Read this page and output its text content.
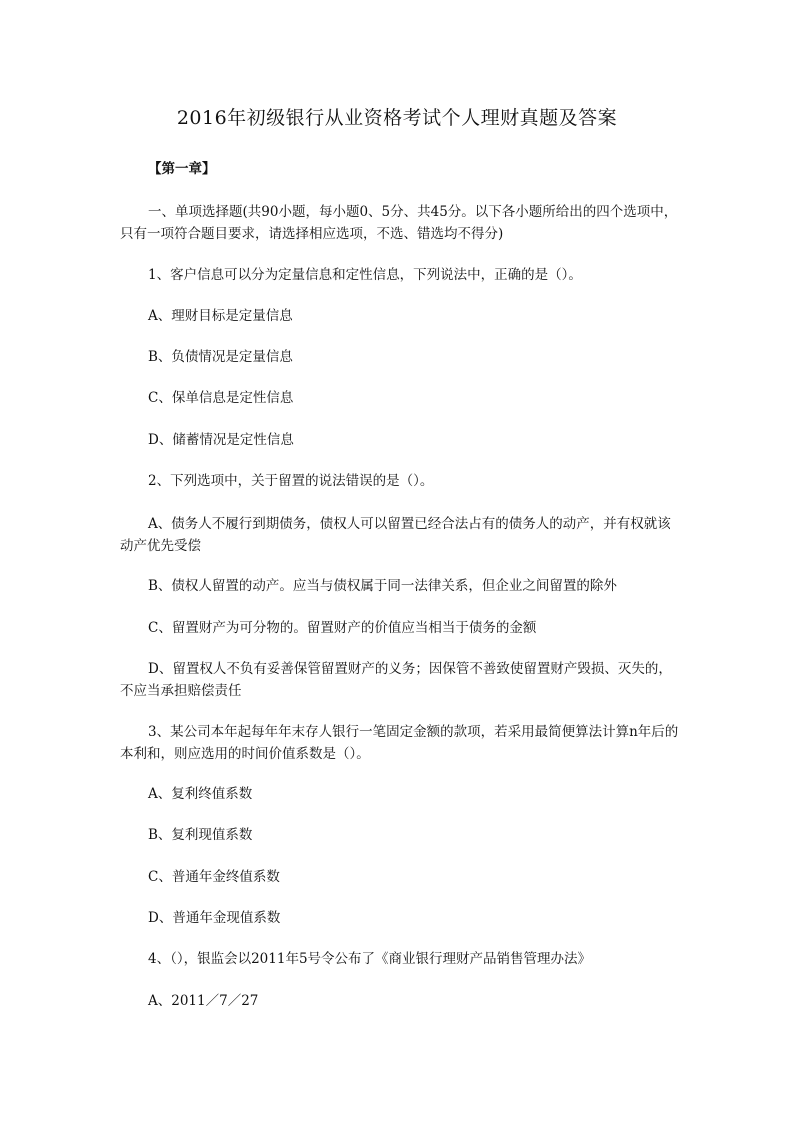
2016年初级银行从业资格考试个人理财真题及答案
【第一章】
一、单项选择题(共90小题，每小题0、5分、共45分。以下各小题所给出的四个选项中，只有一项符合题目要求，请选择相应选项，不选、错选均不得分)
1、客户信息可以分为定量信息和定性信息，下列说法中，正确的是（）。
A、理财目标是定量信息
B、负债情况是定量信息
C、保单信息是定性信息
D、储蓄情况是定性信息
2、下列选项中，关于留置的说法错误的是（）。
A、债务人不履行到期债务，债权人可以留置已经合法占有的债务人的动产，并有权就该动产优先受偿
B、债权人留置的动产。应当与债权属于同一法律关系，但企业之间留置的除外
C、留置财产为可分物的。留置财产的价值应当相当于债务的金额
D、留置权人不负有妥善保管留置财产的义务；因保管不善致使留置财产毁损、灭失的，不应当承担赔偿责任
3、某公司本年起每年年末存人银行一笔固定金额的款项，若采用最简便算法计算n年后的本利和，则应选用的时间价值系数是（）。
A、复利终值系数
B、复利现值系数
C、普通年金终值系数
D、普通年金现值系数
4、（），银监会以2011年5号令公布了《商业银行理财产品销售管理办法》
A、2011／7／27
